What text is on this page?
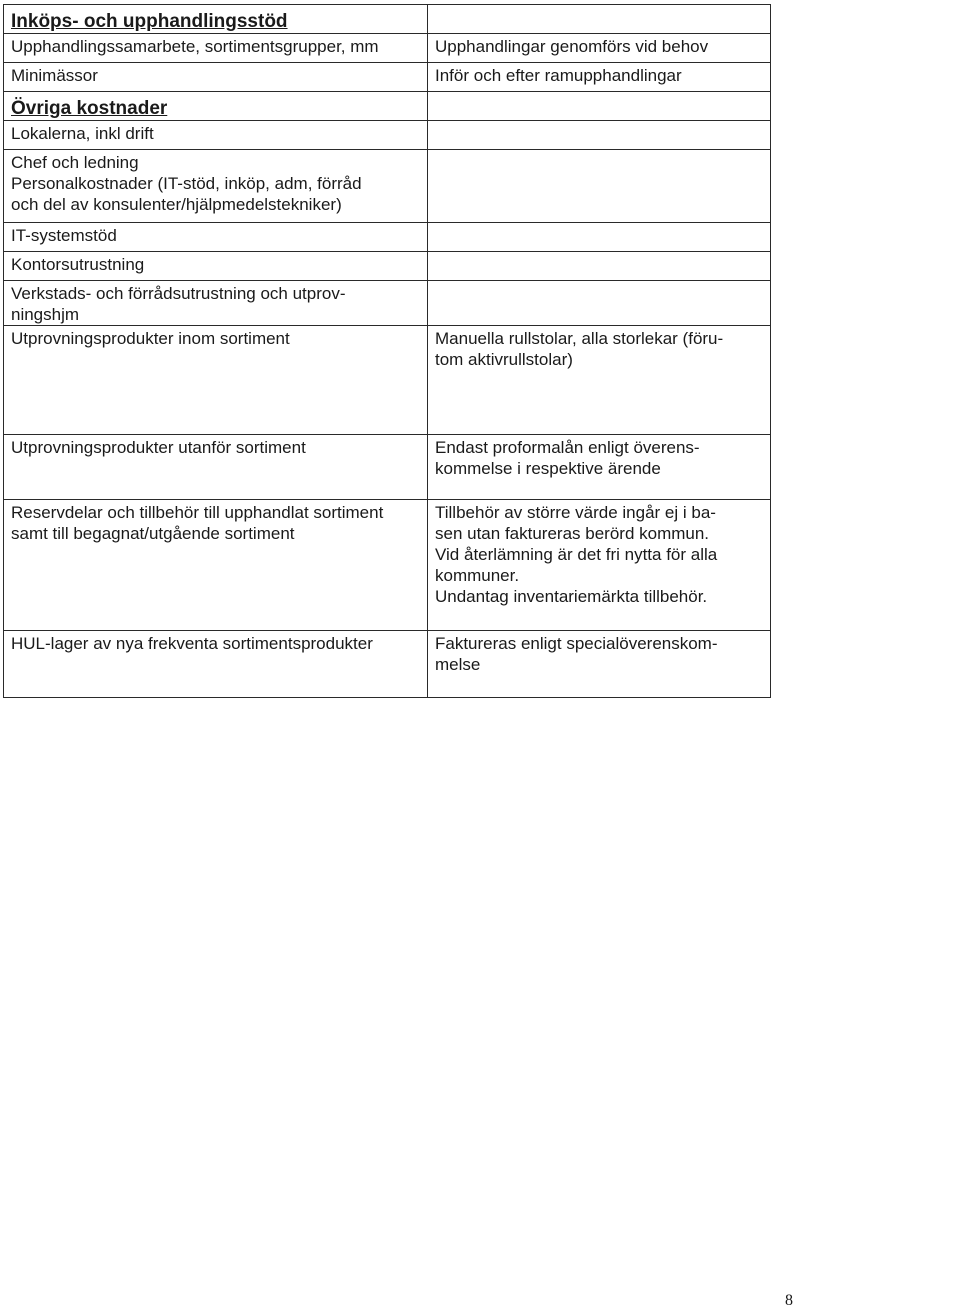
Inköps- och upphandlingsstöd	

Upphandlingssamarbete, sortimentsgrupper, mm	Upphandlingar genomförs vid behov
Minimässor	Inför och efter ramupphandlingar

Övriga kostnader	

Lokalerna, inkl drift	

Chef och ledning
Personalkostnader (IT-stöd, inköp, adm, förråd
och del av konsulenter/hjälpmedelstekniker)	

IT-systemstöd	
Kontorsutrustning	

Verkstads- och förrådsutrustning och utprov-
ningshjm	

Utprovningsprodukter inom sortiment	Manuella rullstolar, alla storlekar (föru-
tom aktivrullstolar)

Utprovningsprodukter utanför sortiment	Endast proformalån enligt överens-
kommelse i respektive ärende

Reservdelar och tillbehör till upphandlat sortiment
samt till begagnat/utgående sortiment	Tillbehör av större värde ingår ej i ba-
sen utan faktureras berörd kommun.
Vid återlämning är det fri nytta för alla
kommuner.
Undantag inventariemärkta tillbehör.

HUL-lager av nya frekventa sortimentsprodukter	Faktureras enligt specialöverenskom-
melse
8
